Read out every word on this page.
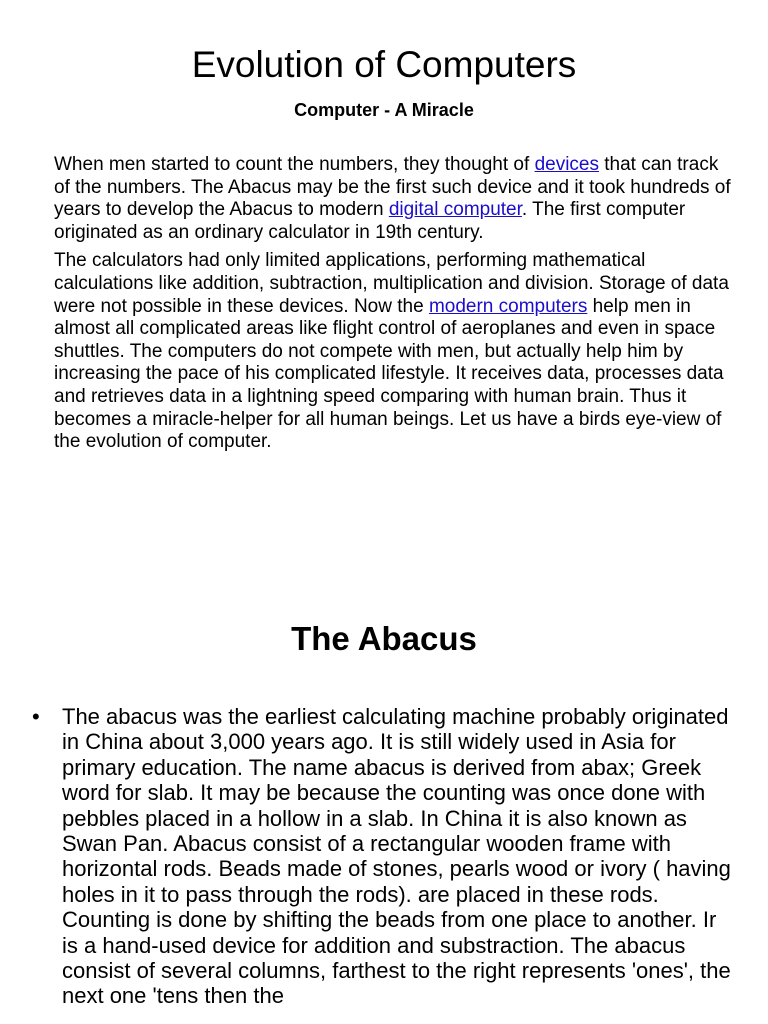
Evolution of Computers
Computer - A Miracle

When men started to count the numbers, they thought of devices that can track of the numbers. The Abacus may be the first such device and it took hundreds of years to develop the Abacus to modern digital computer. The first computer originated as an ordinary calculator in 19th century.

The calculators had only limited applications, performing mathematical calculations like addition, subtraction, multiplication and division. Storage of data were not possible in these devices. Now the modern computers help men in almost all complicated areas like flight control of aeroplanes and even in space shuttles. The computers do not compete with men, but actually help him by increasing the pace of his complicated lifestyle. It receives data, processes data and retrieves data in a lightning speed comparing with human brain. Thus it becomes a miracle-helper for all human beings. Let us have a birds eye-view of the evolution of computer.

The Abacus
•	The abacus was the earliest calculating machine probably originated in China about 3,000 years ago. It is still widely used in Asia for primary education. The name abacus is derived from abax; Greek word for slab. It may be because the counting was once done with pebbles placed in a hollow in a slab. In China it is also known as Swan Pan. Abacus consist of a rectangular wooden frame with horizontal rods. Beads made of stones, pearls wood or ivory ( having holes in it to pass through the rods). are placed in these rods. Counting is done by shifting the beads from one place to another. Ir is a hand-used device for addition and substraction. The abacus consist of several columns, farthest to the right represents 'ones', the next one 'tens then the
